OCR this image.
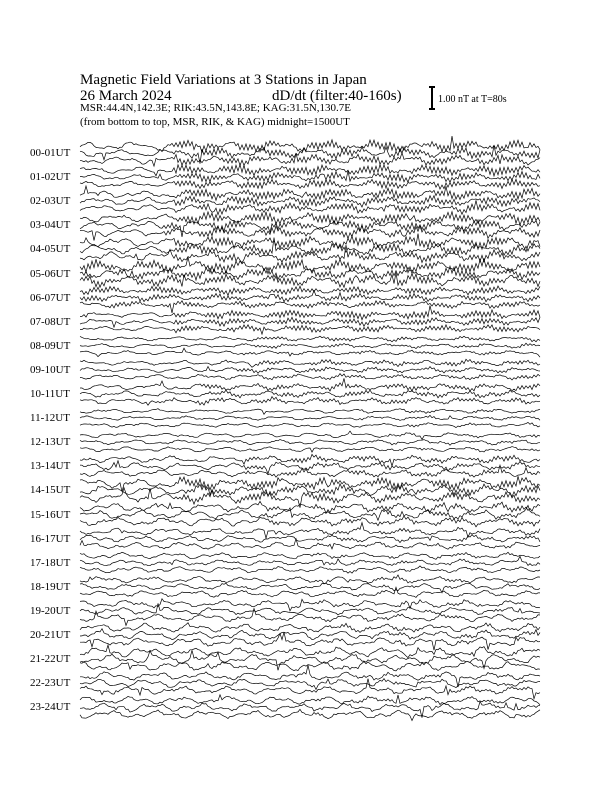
Magnetic Field Variations at 3 Stations in Japan
26 March 2024	dD/dt (filter:40-160s)
MSR:44.4N,142.3E; RIK:43.5N,143.8E; KAG:31.5N,130.7E
(from bottom to top, MSR, RIK, & KAG) midnight=1500UT
1.00 nT at T=80s
00-01UT
01-02UT
02-03UT
03-04UT
04-05UT
05-06UT
06-07UT
07-08UT
08-09UT
09-10UT
10-11UT
11-12UT
12-13UT
13-14UT
14-15UT
15-16UT
16-17UT
17-18UT
18-19UT
19-20UT
20-21UT
21-22UT
22-23UT
23-24UT
